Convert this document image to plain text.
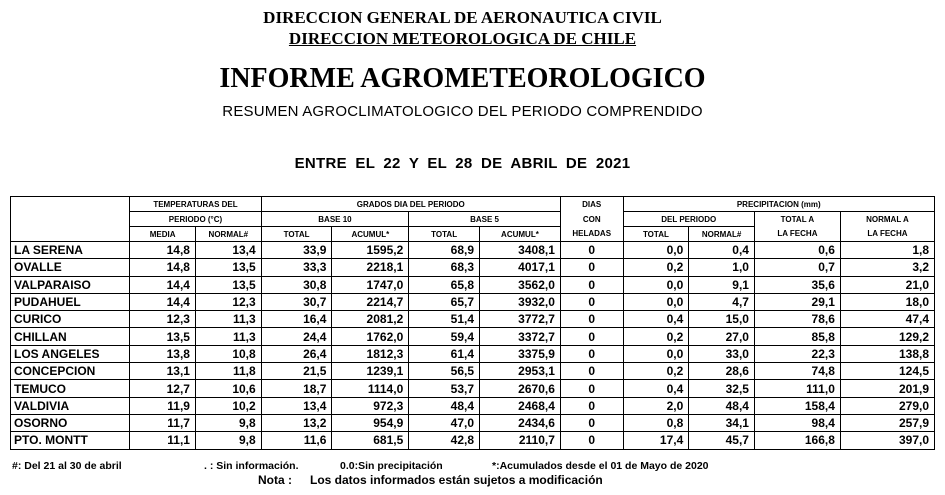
DIRECCION GENERAL DE AERONAUTICA CIVIL
DIRECCION METEOROLOGICA DE CHILE
INFORME AGROMETEOROLOGICO
RESUMEN AGROCLIMATOLOGICO DEL PERIODO COMPRENDIDO
ENTRE EL 22 Y EL 28 DE ABRIL DE 2021
	TEMPERATURAS DEL		GRADOS DIA DEL PERIODO				DIAS	PRECIPITACION (mm)			
	PERIODO (°C)		BASE 10		BASE 5		CON	DEL PERIODO		TOTAL A	NORMAL A
	MEDIA	NORMAL#	TOTAL	ACUMUL*	TOTAL	ACUMUL*	HELADAS	TOTAL	NORMAL#	LA FECHA	LA FECHA
LA SERENA	14,8	13,4	33,9	1595,2	68,9	3408,1	0	0,0	0,4	0,6	1,8
OVALLE	14,8	13,5	33,3	2218,1	68,3	4017,1	0	0,2	1,0	0,7	3,2
VALPARAISO	14,4	13,5	30,8	1747,0	65,8	3562,0	0	0,0	9,1	35,6	21,0
PUDAHUEL	14,4	12,3	30,7	2214,7	65,7	3932,0	0	0,0	4,7	29,1	18,0
CURICO	12,3	11,3	16,4	2081,2	51,4	3772,7	0	0,4	15,0	78,6	47,4
CHILLAN	13,5	11,3	24,4	1762,0	59,4	3372,7	0	0,2	27,0	85,8	129,2
LOS ANGELES	13,8	10,8	26,4	1812,3	61,4	3375,9	0	0,0	33,0	22,3	138,8
CONCEPCION	13,1	11,8	21,5	1239,1	56,5	2953,1	0	0,2	28,6	74,8	124,5
TEMUCO	12,7	10,6	18,7	1114,0	53,7	2670,6	0	0,4	32,5	111,0	201,9
VALDIVIA	11,9	10,2	13,4	972,3	48,4	2468,4	0	2,0	48,4	158,4	279,0
OSORNO	11,7	9,8	13,2	954,9	47,0	2434,6	0	0,8	34,1	98,4	257,9
PTO. MONTT	11,1	9,8	11,6	681,5	42,8	2110,7	0	17,4	45,7	166,8	397,0
#: Del 21 al 30 de abril	. : Sin información.	0.0:Sin precipitación	*:Acumulados desde el 01 de Mayo de 2020
Nota : Los datos informados están sujetos a modificación
